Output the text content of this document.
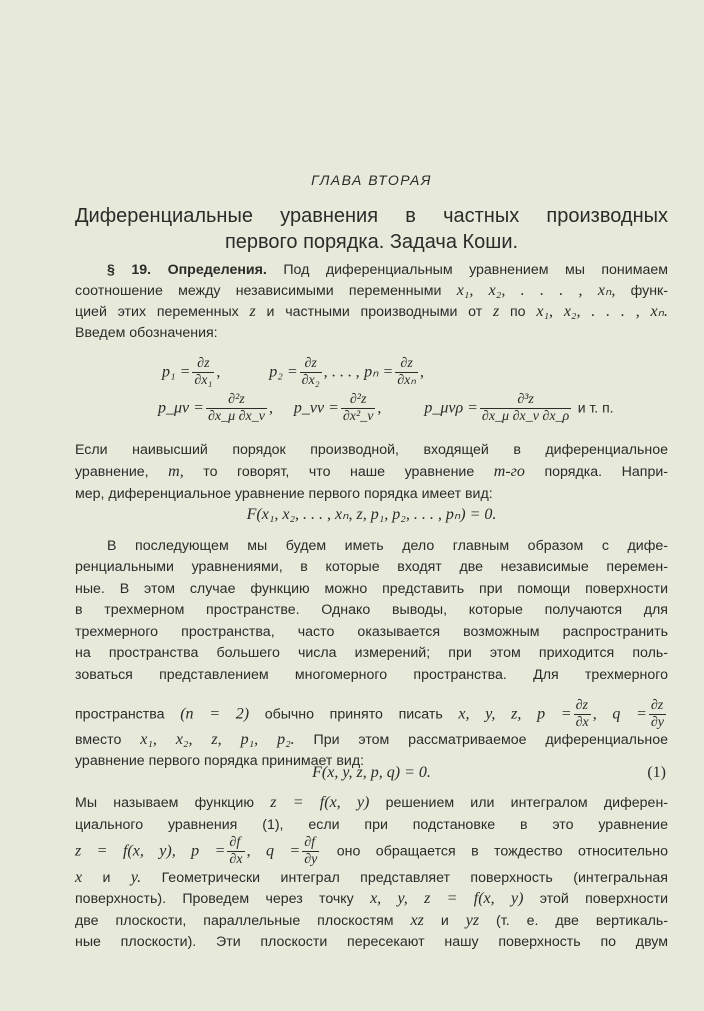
ГЛАВА ВТОРАЯ
Диференциальные уравнения в частных производных
первого порядка. Задача Коши.
§ 19. Определения. Под диференциальным уравнением мы понимаем
соотношение между независимыми переменными x₁, x₂, . . . , xₙ, функ-
цией этих переменных z и частными производными от z по x₁, x₂, . . . , xₙ.
Введем обозначения:
$p_1 = \frac{\partial z}{\text{∂x₁}}$ ,	$p_2 = \frac{\partial z}{\text{∂x₂}}$ , . . . , $p_n = \frac{\partial z}{\text{∂xₙ}}$ ,
p_μν = $\frac{\text{∂²z}}{\partial x\_\mu \partial x\_\nu}$ , p_νν = $\frac{\text{∂²z}}{\text{∂x²\_ν}}$ ,	p_μνρ = $\frac{\text{∂³z}}{\partial x\_\mu \partial x\_\nu \partial x\_\rho}$ и т. п.
Если наивысший порядок производной, входящей в диференциальное
уравнение, m, то говорят, что наше уравнение m-го порядка. Напри-
мер, диференциальное уравнение первого порядка имеет вид:
F(x₁, x₂, . . . , xₙ, z, p₁, p₂, . . . , pₙ) = 0.
В последующем мы будем иметь дело главным образом с дифе-
ренциальными уравнениями, в которые входят две независимые перемен-
ные. В этом случае функцию можно представить при помощи поверхности
в трехмерном пространстве. Однако выводы, которые получаются для
трехмерного пространства, часто оказывается возможным распространить
на пространства большего числа измерений; при этом приходится поль-
зоваться представлением многомерного пространства. Для трехмерного
пространства (n = 2) обычно принято писать x, y, z, $p = \frac{\partial z}{\partial x}$ , $q = \frac{\partial z}{\partial y}$
вместо x₁, x₂, z, p₁, p₂. При этом рассматриваемое диференциальное
уравнение первого порядка принимает вид:
F(x, y, z, p, q) = 0.	(1)
Мы называем функцию z = f(x, y) решением или интегралом диферен-
циального уравнения (1), если при подстановке в это уравнение
z = f(x, y), $p = \frac{\partial f}{\partial x}$ , $q = \frac{\partial f}{\partial y}$ оно обращается в тождество относительно
x и y. Геометрически интеграл представляет поверхность (интегральная
поверхность). Проведем через точку x, y, z = f(x, y) этой поверхности
две плоскости, параллельные плоскостям xz и yz (т. е. две вертикаль-
ные плоскости). Эти плоскости пересекают нашу поверхность по двум
